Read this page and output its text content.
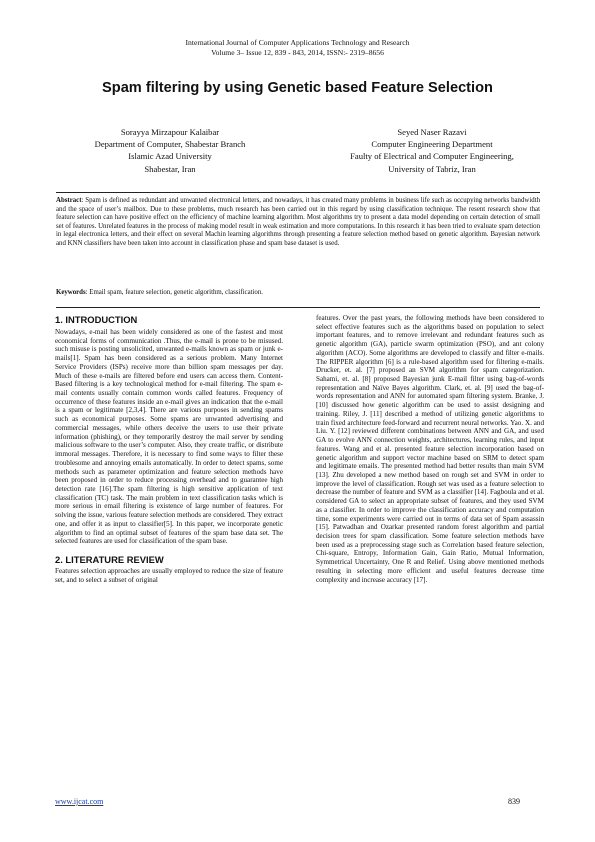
International Journal of Computer Applications Technology and Research
Volume 3– Issue 12, 839 - 843, 2014, ISSN:- 2319–8656
Spam filtering by using Genetic based Feature Selection
Sorayya Mirzapour Kalaibar
Department of Computer, Shabestar Branch
Islamic Azad University
Shabestar, Iran
Seyed Naser Razavi
Computer Engineering Department
Faulty of Electrical and Computer Engineering,
University of Tabriz, Iran

Abstract: Spam is defined as redundant and unwanted electronical letters, and nowadays, it has created many problems in business life such as occupying networks bandwidth and the space of user’s mailbox. Due to these problems, much research has been carried out in this regard by using classification technique. The resent research show that feature selection can have positive effect on the efficiency of machine learning algorithm. Most algorithms try to present a data model depending on certain detection of small set of features. Unrelated features in the process of making model result in weak estimation and more computations. In this research it has been tried to evaluate spam detection in legal electronica letters, and their effect on several Machin learning algorithms through presenting a feature selection method based on genetic algorithm. Bayesian network and KNN classifiers have been taken into account in classification phase and spam base dataset is used.

Keywords: Email spam, feature selection, genetic algorithm, classification.

1. INTRODUCTION

Nowadays, e-mail has been widely considered as one of the fastest and most economical forms of communication .Thus, the e-mail is prone to be misused. such misuse is posting unsolicited, unwanted e-mails known as spam or junk e-mails[1]. Spam has been considered as a serious problem. Many Internet Service Providers (ISPs) receive more than billion spam messages per day. Much of these e-mails are filtered before end users can access them. Content-Based filtering is a key technological method for e-mail filtering. The spam e-mail contents usually contain common words called features. Frequency of occurrence of these features inside an e-mail gives an indication that the e-mail is a spam or legitimate [2,3,4]. There are various purposes in sending spams such as economical purposes. Some spams are unwanted advertising and commercial messages, while others deceive the users to use their private information (phishing), or they temporarily destroy the mail server by sending malicious software to the user’s computer. Also, they create traffic, or distribute immoral messages. Therefore, it is necessary to find some ways to filter these troublesome and annoying emails automatically. In order to detect spams, some methods such as parameter optimization and feature selection methods have been proposed in order to reduce processing overhead and to guarantee high detection rate [16].The spam filtering is high sensitive application of text classification (TC) task. The main problem in text classification tasks which is more serious in email filtering is existence of large number of features. For solving the issue, various feature selection methods are considered. They extract one, and offer it as input to classifier[5]. In this paper, we incorporate genetic algorithm to find an optimal subset of features of the spam base data set. The selected features are used for classification of the spam base.

2. LITERATURE REVIEW

Features selection approaches are usually employed to reduce the size of feature set, and to select a subset of original

features. Over the past years, the following methods have been considered to select effective features such as the algorithms based on population to select important features, and to remove irrelevant and redundant features such as genetic algorithm (GA), particle swarm optimization (PSO), and ant colony algorithm (ACO). Some algorithms are developed to classify and filter e-mails. The RIPPER algorithm [6] is a rule-based algorithm used for filtering e-mails. Drucker, et. al. [7] proposed an SVM algorithm for spam categorization. Sahami, et. al. [8] proposed Bayesian junk E-mail filter using bag-of-words representation and Naïve Bayes algorithm. Clark, et. al. [9] used the bag-of-words representation and ANN for automated spam filtering system. Branke, J. [10] discussed how genetic algorithm can be used to assist designing and training. Riley, J. [11] described a method of utilizing genetic algorithms to train fixed architecture feed-forward and recurrent neural networks. Yao. X. and Liu. Y. [12] reviewed different combinations between ANN and GA, and used GA to evolve ANN connection weights, architectures, learning rules, and input features. Wang and et al. presented feature selection incorporation based on genetic algorithm and support vector machine based on SRM to detect spam and legitimate emails. The presented method had better results than main SVM [13]. Zhu developed a new method based on rough set and SVM in order to improve the level of classification. Rough set was used as a feature selection to decrease the number of feature and SVM as a classifier [14]. Fagboula and et al. considered GA to select an appropriate subset of features, and they used SVM as a classifier. In order to improve the classification accuracy and computation time, some experiments were carried out in terms of data set of Spam assassin [15]. Patwadhan and Ozarkar presented random forest algorithm and partial decision trees for spam classification. Some feature selection methods have been used as a preprocessing stage such as Correlation based feature selection, Chi-square, Entropy, Information Gain, Gain Ratio, Mutual Information, Symmetrical Uncertainty, One R and Relief. Using above mentioned methods resulting in selecting more efficient and useful features decrease time complexity and increase accuracy [17].

www.ijcat.com	839
